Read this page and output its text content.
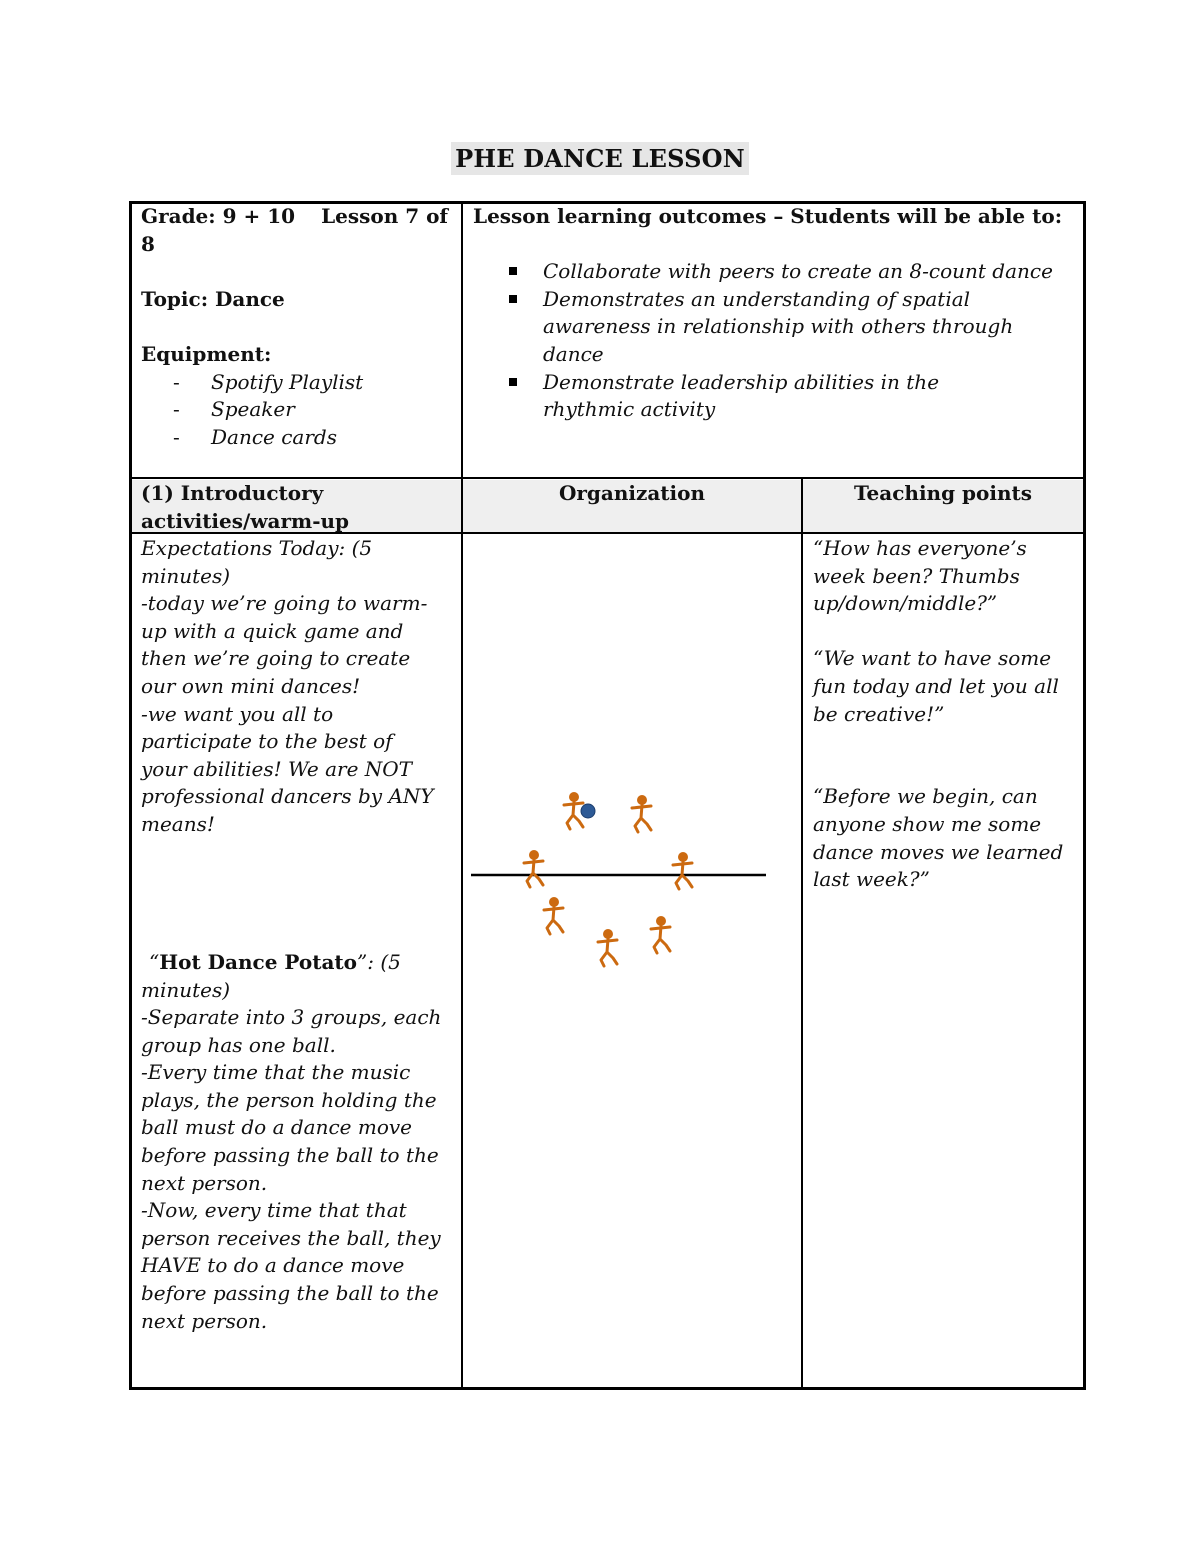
PHE DANCE LESSON

Grade: 9 + 10 Lesson 7 of 8

Topic: Dance

Equipment:

- Spotify Playlist
- Speaker
- Dance cards

Lesson learning outcomes – Students will be able to:

Collaborate with peers to create an 8-count dance
Demonstrates an understanding of spatial awareness in relationship with others through dance
Demonstrate leadership abilities in the rhythmic activity
(1) Introductory activities/warm-up
Organization	Teaching points

Expectations Today: (5 minutes)

-today we’re going to warm-up with a quick game and then we’re going to create our own mini dances!

-we want you all to participate to the best of your abilities! We are NOT professional dancers by ANY means!

“Hot Dance Potato”: (5 minutes)

-Separate into 3 groups, each group has one ball.

-Every time that the music plays, the person holding the ball must do a dance move before passing the ball to the next person.

-Now, every time that that person receives the ball, they HAVE to do a dance move before passing the ball to the next person.

“How has everyone’s week been? Thumbs up/down/middle?”

“We want to have some fun today and let you all be creative!”

“Before we begin, can anyone show me some dance moves we learned last week?”
